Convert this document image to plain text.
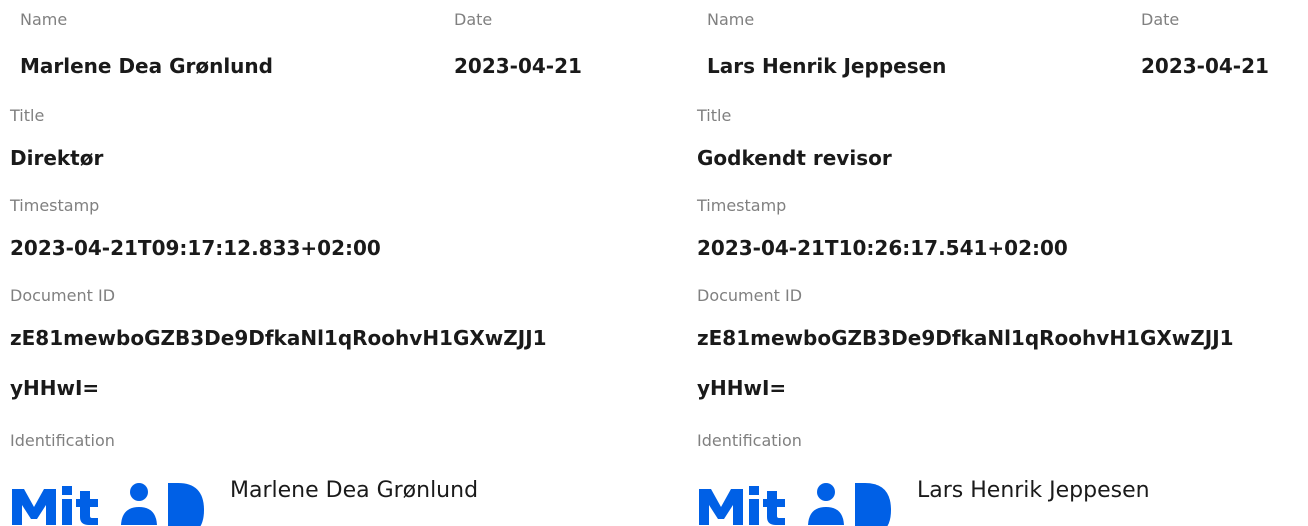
Name	Date
Marlene Dea Grønlund	2023-04-21
Title
Direktør
Timestamp
2023-04-21T09:17:12.833+02:00
Document ID
zE81mewboGZB3De9DfkaNl1qRoohvH1GXwZJJ1
yHHwI=
Identification
Marlene Dea Grønlund
Name	Date
Lars Henrik Jeppesen	2023-04-21
Title
Godkendt revisor
Timestamp
2023-04-21T10:26:17.541+02:00
Document ID
zE81mewboGZB3De9DfkaNl1qRoohvH1GXwZJJ1
yHHwI=
Identification
Lars Henrik Jeppesen
